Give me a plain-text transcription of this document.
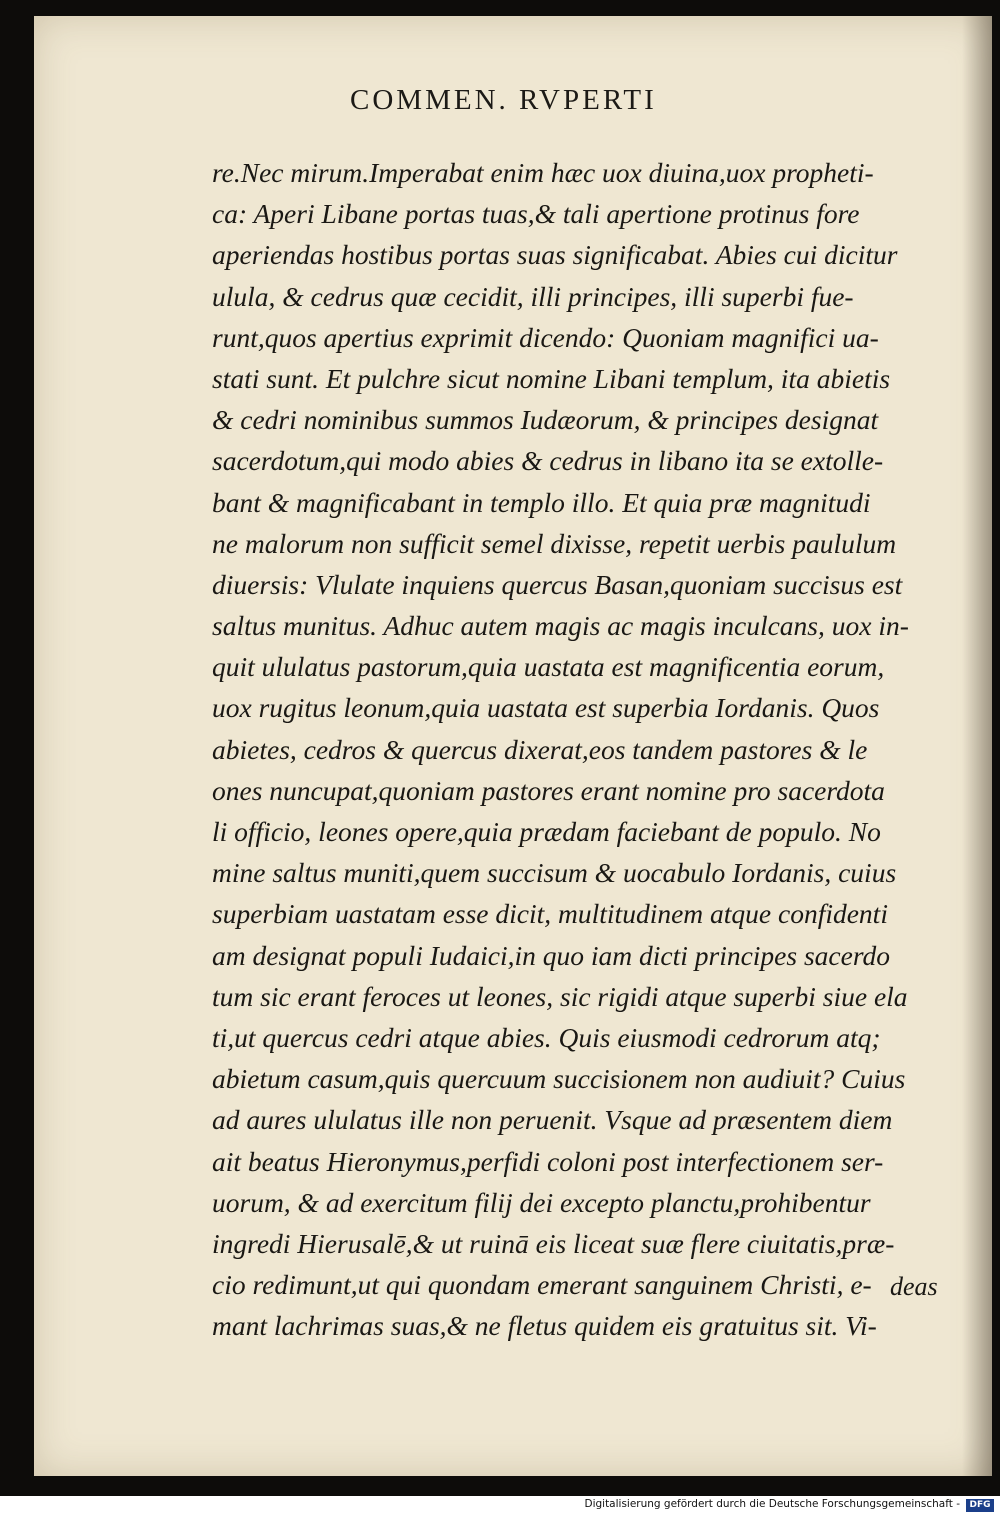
COMMEN. RVPERTI
re.Nec mirum.Imperabat enim hæc uox diuina,uox propheti-
ca: Aperi Libane portas tuas,& tali apertione protinus fore
aperiendas hostibus portas suas significabat. Abies cui dicitur
ulula, & cedrus quæ cecidit, illi principes, illi superbi fue-
runt,quos apertius exprimit dicendo: Quoniam magnifici ua-
stati sunt. Et pulchre sicut nomine Libani templum, ita abietis
& cedri nominibus summos Iudæorum, & principes designat
sacerdotum,qui modo abies & cedrus in libano ita se extolle-
bant & magnificabant in templo illo. Et quia præ magnitudi
ne malorum non sufficit semel dixisse, repetit uerbis paululum
diuersis: Vlulate inquiens quercus Basan,quoniam succisus est
saltus munitus. Adhuc autem magis ac magis inculcans, uox in-
quit ululatus pastorum,quia uastata est magnificentia eorum,
uox rugitus leonum,quia uastata est superbia Iordanis. Quos
abietes, cedros & quercus dixerat,eos tandem pastores & le
ones nuncupat,quoniam pastores erant nomine pro sacerdota
li officio, leones opere,quia prædam faciebant de populo. No
mine saltus muniti,quem succisum & uocabulo Iordanis, cuius
superbiam uastatam esse dicit, multitudinem atque confidenti
am designat populi Iudaici,in quo iam dicti principes sacerdo
tum sic erant feroces ut leones, sic rigidi atque superbi siue ela
ti,ut quercus cedri atque abies. Quis eiusmodi cedrorum atq;
abietum casum,quis quercuum succisionem non audiuit? Cuius
ad aures ululatus ille non peruenit. Vsque ad præsentem diem
ait beatus Hieronymus,perfidi coloni post interfectionem ser-
uorum, & ad exercitum filij dei excepto planctu,prohibentur
ingredi Hierusalē,& ut ruinā eis liceat suæ flere ciuitatis,præ-
cio redimunt,ut qui quondam emerant sanguinem Christi, e-
mant lachrimas suas,& ne fletus quidem eis gratuitus sit. Vi-
deas
Digitalisierung gefördert durch die Deutsche Forschungsgemeinschaft -	DFG
